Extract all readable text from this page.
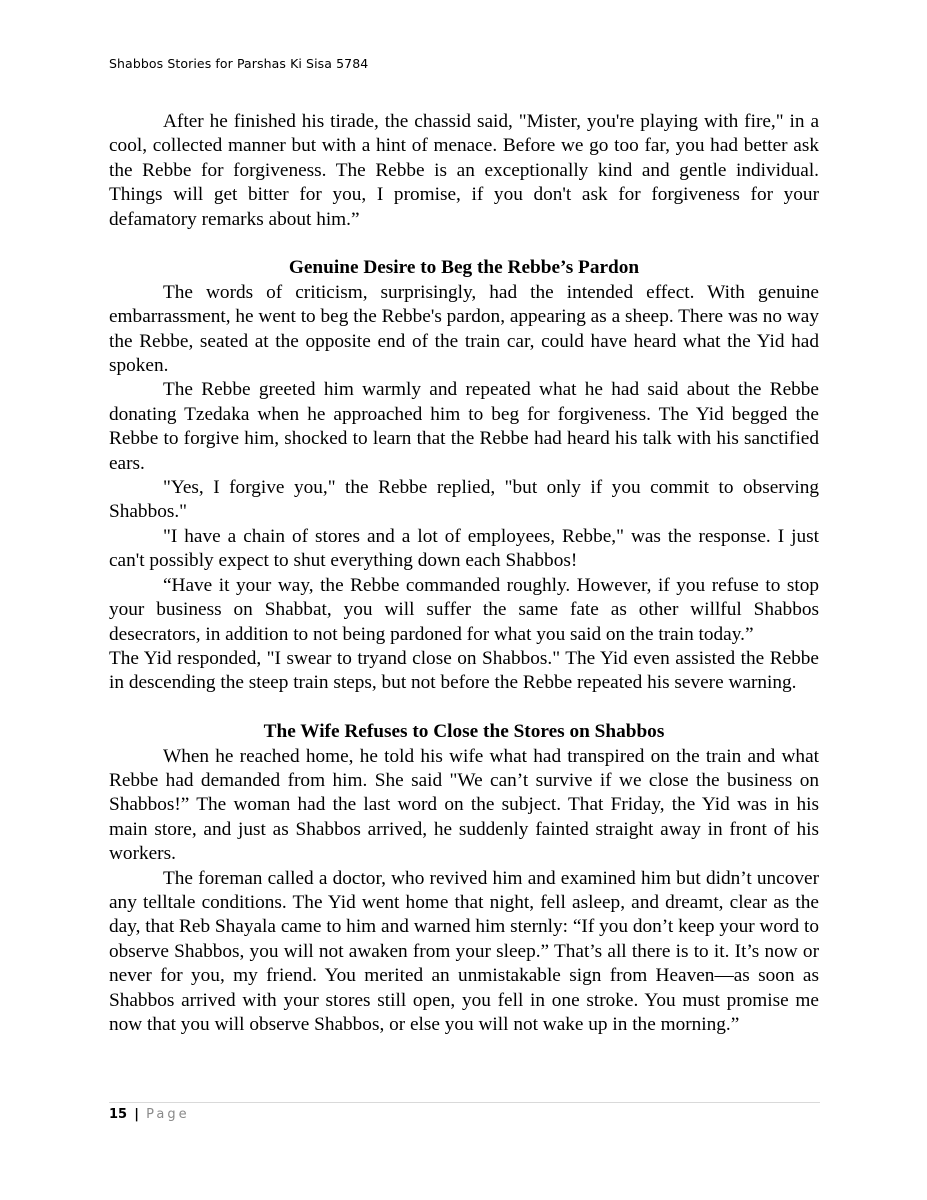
Shabbos Stories for Parshas Ki Sisa 5784

After he finished his tirade, the chassid said, "Mister, you're playing with fire," in a cool, collected manner but with a hint of menace. Before we go too far, you had better ask the Rebbe for forgiveness. The Rebbe is an exceptionally kind and gentle individual. Things will get bitter for you, I promise, if you don't ask for forgiveness for your defamatory remarks about him.”

Genuine Desire to Beg the Rebbe’s Pardon

The words of criticism, surprisingly, had the intended effect. With genuine embarrassment, he went to beg the Rebbe's pardon, appearing as a sheep. There was no way the Rebbe, seated at the opposite end of the train car, could have heard what the Yid had spoken.

The Rebbe greeted him warmly and repeated what he had said about the Rebbe donating Tzedaka when he approached him to beg for forgiveness. The Yid begged the Rebbe to forgive him, shocked to learn that the Rebbe had heard his talk with his sanctified ears.

"Yes, I forgive you," the Rebbe replied, "but only if you commit to observing Shabbos."

"I have a chain of stores and a lot of employees, Rebbe," was the response. I just can't possibly expect to shut everything down each Shabbos!

“Have it your way, the Rebbe commanded roughly. However, if you refuse to stop your business on Shabbat, you will suffer the same fate as other willful Shabbos desecrators, in addition to not being pardoned for what you said on the train today.”

The Yid responded, "I swear to tryand close on Shabbos." The Yid even assisted the Rebbe in descending the steep train steps, but not before the Rebbe repeated his severe warning.

The Wife Refuses to Close the Stores on Shabbos

When he reached home, he told his wife what had transpired on the train and what Rebbe had demanded from him. She said "We can’t survive if we close the business on Shabbos!” The woman had the last word on the subject. That Friday, the Yid was in his main store, and just as Shabbos arrived, he suddenly fainted straight away in front of his workers.

The foreman called a doctor, who revived him and examined him but didn’t uncover any telltale conditions. The Yid went home that night, fell asleep, and dreamt, clear as the day, that Reb Shayala came to him and warned him sternly: “If you don’t keep your word to observe Shabbos, you will not awaken from your sleep.” That’s all there is to it. It’s now or never for you, my friend. You merited an unmistakable sign from Heaven—as soon as Shabbos arrived with your stores still open, you fell in one stroke. You must promise me now that you will observe Shabbos, or else you will not wake up in the morning.”

15 | Page
